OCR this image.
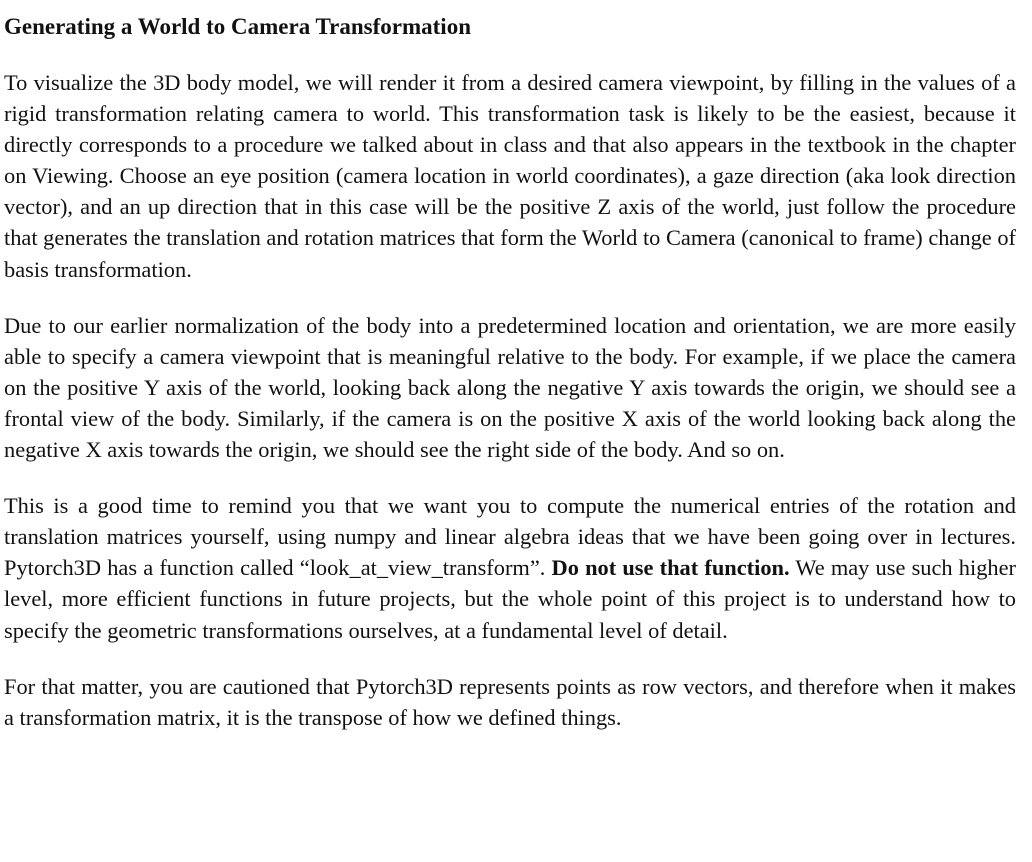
Generating a World to Camera Transformation

To visualize the 3D body model, we will render it from a desired camera viewpoint, by filling in the values of a rigid transformation relating camera to world. This transformation task is likely to be the easiest, because it directly corresponds to a procedure we talked about in class and that also appears in the textbook in the chapter on Viewing. Choose an eye position (camera location in world coordinates), a gaze direction (aka look direction vector), and an up direction that in this case will be the positive Z axis of the world, just follow the procedure that generates the translation and rotation matrices that form the World to Camera (canonical to frame) change of basis transformation.

Due to our earlier normalization of the body into a predetermined location and orientation, we are more easily able to specify a camera viewpoint that is meaningful relative to the body. For example, if we place the camera on the positive Y axis of the world, looking back along the negative Y axis towards the origin, we should see a frontal view of the body. Similarly, if the camera is on the positive X axis of the world looking back along the negative X axis towards the origin, we should see the right side of the body. And so on.

This is a good time to remind you that we want you to compute the numerical entries of the rotation and translation matrices yourself, using numpy and linear algebra ideas that we have been going over in lectures. Pytorch3D has a function called “look_at_view_transform”. Do not use that function. We may use such higher level, more efficient functions in future projects, but the whole point of this project is to understand how to specify the geometric transformations ourselves, at a fundamental level of detail.

For that matter, you are cautioned that Pytorch3D represents points as row vectors, and therefore when it makes a transformation matrix, it is the transpose of how we defined things.
